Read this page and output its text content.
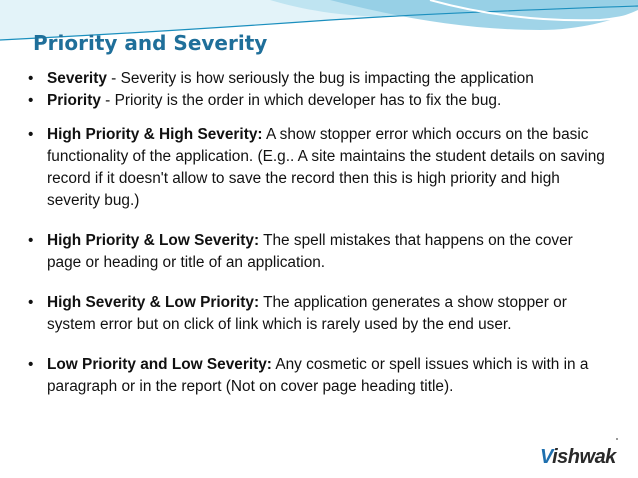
Priority and Severity
• Severity - Severity is how seriously the bug is impacting the application
• Priority - Priority is the order in which developer has to fix the bug.
• High Priority & High Severity: A show stopper error which occurs on the basic functionality of the application. (E.g.. A site maintains the student details on saving record if it doesn't allow to save the record then this is high priority and high severity bug.)
• High Priority & Low Severity: The spell mistakes that happens on the cover page or heading or title of an application.
• High Severity & Low Priority: The application generates a show stopper or system error but on click of link which is rarely used by the end user.
• Low Priority and Low Severity: Any cosmetic or spell issues which is with in a paragraph or in the report (Not on cover page heading title).
Vishwak
